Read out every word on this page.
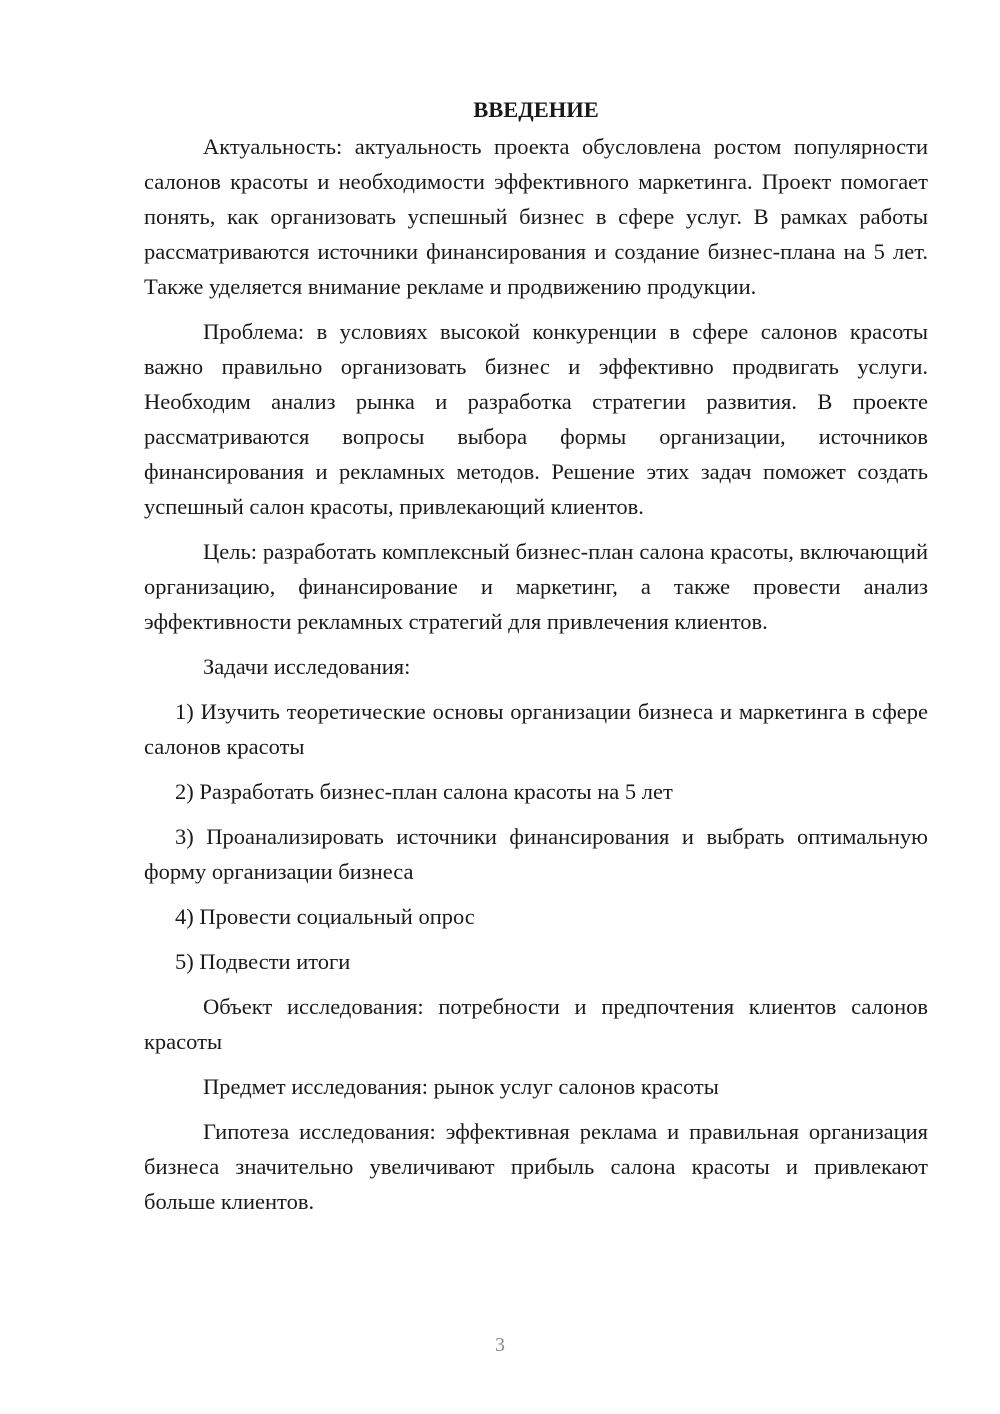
ВВЕДЕНИЕ

Актуальность: актуальность проекта обусловлена ростом популярности салонов красоты и необходимости эффективного маркетинга. Проект помогает понять, как организовать успешный бизнес в сфере услуг. В рамках работы рассматриваются источники финансирования и создание бизнес-плана на 5 лет. Также уделяется внимание рекламе и продвижению продукции.

Проблема: в условиях высокой конкуренции в сфере салонов красоты важно правильно организовать бизнес и эффективно продвигать услуги. Необходим анализ рынка и разработка стратегии развития. В проекте рассматриваются вопросы выбора формы организации, источников финансирования и рекламных методов. Решение этих задач поможет создать успешный салон красоты, привлекающий клиентов.

Цель: разработать комплексный бизнес-план салона красоты, включающий организацию, финансирование и маркетинг, а также провести анализ эффективности рекламных стратегий для привлечения клиентов.

Задачи исследования:

1) Изучить теоретические основы организации бизнеса и маркетинга в сфере салонов красоты

2) Разработать бизнес-план салона красоты на 5 лет

3) Проанализировать источники финансирования и выбрать оптимальную форму организации бизнеса

4) Провести социальный опрос

5) Подвести итоги

Объект исследования: потребности и предпочтения клиентов салонов красоты

Предмет исследования: рынок услуг салонов красоты

Гипотеза исследования: эффективная реклама и правильная организация бизнеса значительно увеличивают прибыль салона красоты и привлекают больше клиентов.

3
